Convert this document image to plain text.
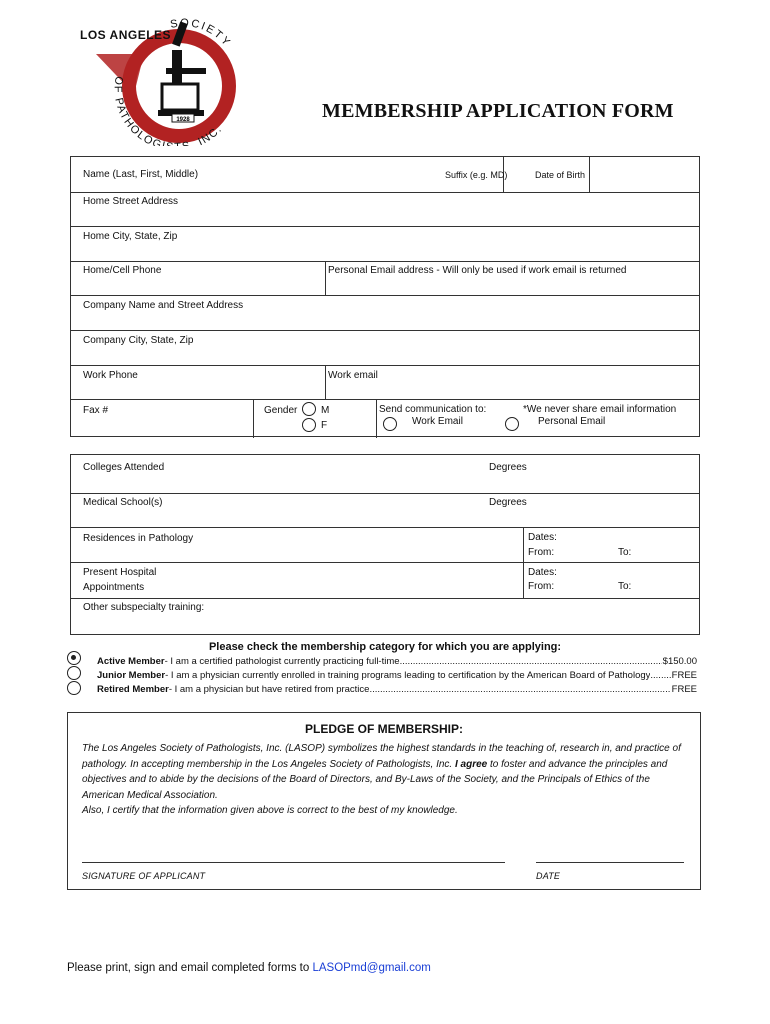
1928
SOCIETY
OF PATHOLOG , INC.
LOS ANGELES
MEMBERSHIP APPLICATION FORM
Name (Last, First, Middle)	Suffix (e.g. MD)	Date of Birth
Home Street Address
Home City, State, Zip
Home/Cell Phone	Personal Email address - Will only be used if work email is returned
Company Name and Street Address
Company City, State, Zip
Work Phone	Work email
Fax #	Gender M
F
Send communication to:
Work Email
*We never share email information
Personal Email
Colleges Attended	Degrees
Medical School(s)	Degrees
Residences in Pathology	Dates:
From:	To:
Present Hospital
Appointments
Dates:
From:	To:
Other subspecialty training:
Please check the membership category for which you are applying:
Active Member - I am a certified pathologist currently practicing full-time .....	$150.00
Junior Member - I am a physician currently enrolled in training programs leading to certification by the American Board of Pathology ..... FREE
Retired Member - I am a physician but have retired from practice. .....	FREE
PLEDGE OF MEMBERSHIP:
The Los Angeles Society of Pathologists, Inc. (LASOP) symbolizes the highest standards in the teaching of, research in, and practice of pathology. In accepting membership in the Los Angeles Society of Pathologists, Inc. I agree to foster and advance the principles and objectives and to abide by the decisions of the Board of Directors, and By-Laws of the Society, and the Principals of Ethics of the American Medical Association.
Also, I certify that the information given above is correct to the best of my knowledge.
SIGNATURE OF APPLICANT	DATE
Please print, sign and email completed forms to LASOPmd@gmail.com
